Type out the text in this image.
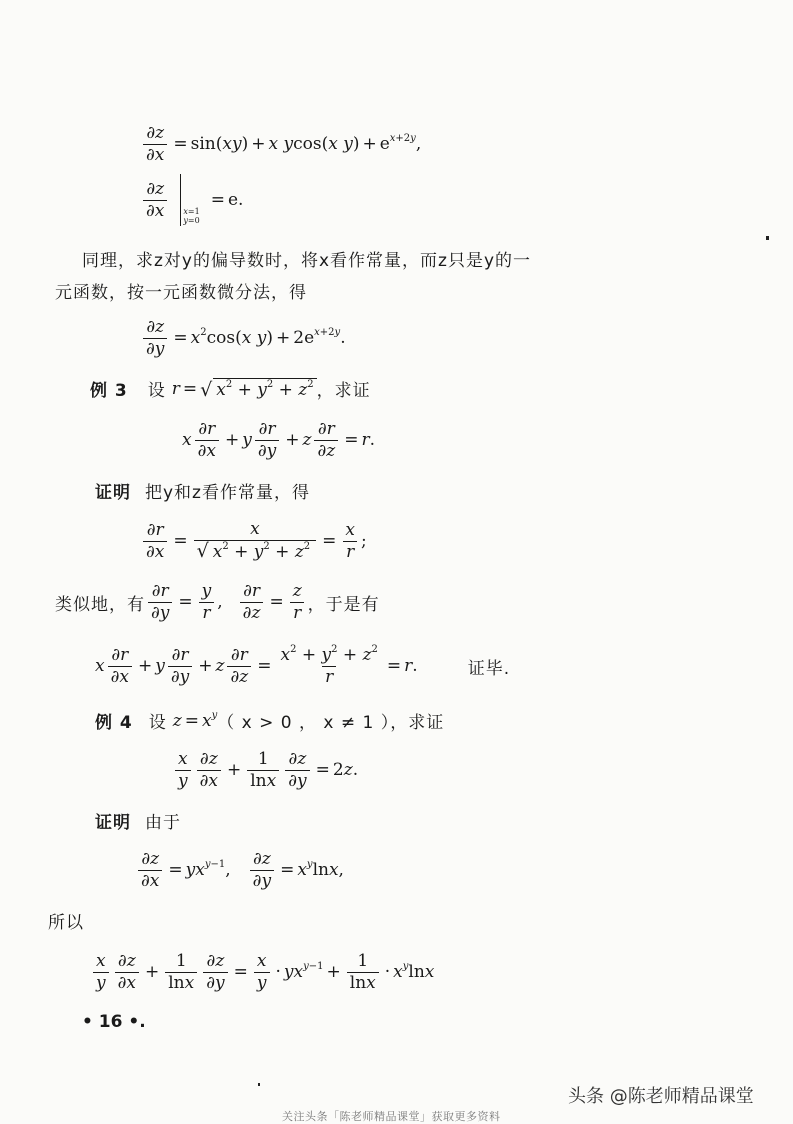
$\frac{\partial z}{\partial x} = \sin(xy) + x$ ycos(x $y) + e^{x+2y}$,
$\frac{\partial z}{\partial x} x=1$
y=0
= e.
同理，求z对y的偏导数时，将x看作常量，而z只是y的一
元函数，按一元函数微分法，得
$\frac{\partial z}{\partial y} = x^2\cos(x$ $y) + 2e^{x+2y}$.
例 3 设 r = √ $x^2 + y^2 + z^2$ ，求证
x $\frac{\partial r}{\partial x} + y \frac{\partial r}{\partial y} + z \frac{\partial r}{\partial z} = r$ .
证明 把y和z看作常量，得
$\frac{\partial r}{\partial x} = \frac{x}{√ x^2 + y^2 + z^2} = \frac{x}{r}$ ;
类似地，有 $\frac{\partial r}{\partial y} = \frac{y}{r}$ , $\frac{\partial r}{\partial z} = \frac{z}{r}$ ，于是有
x $\frac{\partial r}{\partial x} + y \frac{\partial r}{\partial y} + z \frac{\partial r}{\partial z} = \frac{x^2 + y^2 + z^2}{r} = r$ .	证毕.
例 4 设 $z = x^y$ （ x > 0 ， x ≠ 1 ），求证
$\frac{x}{y} \frac{\partial z}{\partial x} + \frac{1}{\ln x} \frac{\partial z}{\partial y} = 2z$.
证明 由于
$\frac{\partial z}{\partial x} = yx^{y-1}$, $\frac{\partial z}{\partial y} = x^y\ln x$,
所以
$\frac{x}{y} \frac{\partial z}{\partial x} + \frac{1}{\ln x} \frac{\partial z}{\partial y} = \frac{x}{y} \cdot yx^{y-1} + \frac{1}{\ln x} \cdot x^y\ln x$
• 16 •.
头条 @陈老师精品课堂
关注头条「陈老师精品课堂」获取更多资料
